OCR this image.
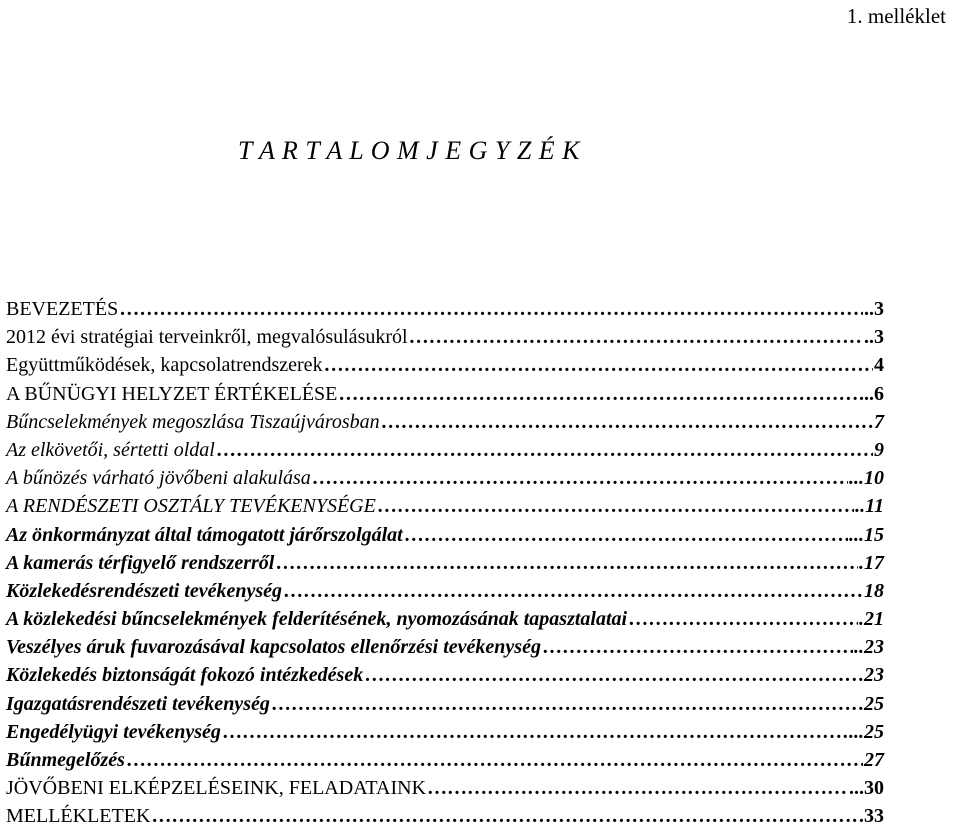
1. melléklet
T A R T A L O M J E G Y Z É K
BEVEZETÉS …………………………………………………………………………………………………………………………………………………………………………	..3
2012 évi stratégiai terveinkről, megvalósulásukról …………………………………………………………………………………………………………………………………………………………………………	..3
Együttműködések, kapcsolatrendszerek …………………………………………………………………………………………………………………………………………………………………………	4
A BŰNÜGYI HELYZET ÉRTÉKELÉSE …………………………………………………………………………………………………………………………………………………………………………	...6
Bűncselekmények megoszlása Tiszaújvárosban …………………………………………………………………………………………………………………………………………………………………………	7
Az elkövetői, sértetti oldal …………………………………………………………………………………………………………………………………………………………………………	9
A bűnözés várható jövőbeni alakulása …………………………………………………………………………………………………………………………………………………………………………	...10
A RENDÉSZETI OSZTÁLY TEVÉKENYSÉGE …………………………………………………………………………………………………………………………………………………………………………	..11
Az önkormányzat által támogatott járőrszolgálat …………………………………………………………………………………………………………………………………………………………………………	...15
A kamerás térfigyelő rendszerről …………………………………………………………………………………………………………………………………………………………………………	.17
Közlekedésrendészeti tevékenység …………………………………………………………………………………………………………………………………………………………………………	18
A közlekedési bűncselekmények felderítésének, nyomozásának tapasztalatai …………………………………………………………………………………………………………………………………………………………………………	.21
Veszélyes áruk fuvarozásával kapcsolatos ellenőrzési tevékenység …………………………………………………………………………………………………………………………………………………………………………	..23
Közlekedés biztonságát fokozó intézkedések …………………………………………………………………………………………………………………………………………………………………………	.23
Igazgatásrendészeti tevékenység …………………………………………………………………………………………………………………………………………………………………………	.25
Engedélyügyi tevékenység …………………………………………………………………………………………………………………………………………………………………………	...25
Bűnmegelőzés …………………………………………………………………………………………………………………………………………………………………………	27
JÖVŐBENI ELKÉPZELÉSEINK, FELADATAINK …………………………………………………………………………………………………………………………………………………………………………	...30
MELLÉKLETEK …………………………………………………………………………………………………………………………………………………………………………	33
